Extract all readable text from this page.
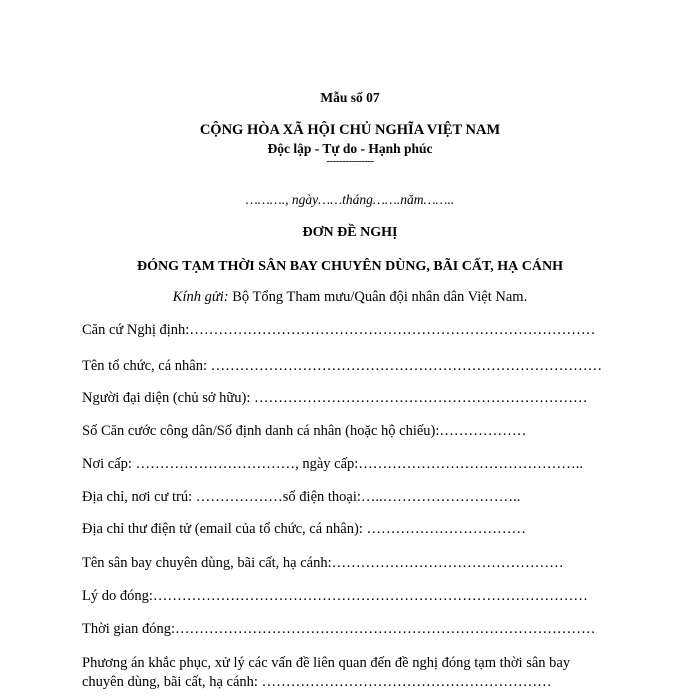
Mẫu số 07
CỘNG HÒA XÃ HỘI CHỦ NGHĨA VIỆT NAM
Độc lập - Tự do - Hạnh phúc
---------------
………., ngày……tháng…….năm……..
ĐƠN ĐỀ NGHỊ
ĐÓNG TẠM THỜI SÂN BAY CHUYÊN DÙNG, BÃI CẤT, HẠ CÁNH
Kính gửi: Bộ Tổng Tham mưu/Quân đội nhân dân Việt Nam.
Căn cứ Nghị định:…………………………………………………………………………
Tên tổ chức, cá nhân: ………………………………………………………………………
Người đại diện (chủ sở hữu): ……………………………………………………………
Số Căn cước công dân/Số định danh cá nhân (hoặc hộ chiếu):………………
Nơi cấp: ……………………………, ngày cấp:………………………………………..
Địa chỉ, nơi cư trú: ………………số điện thoại:…..………………………..
Địa chỉ thư điện tử (email của tổ chức, cá nhân): ……………………………
Tên sân bay chuyên dùng, bãi cất, hạ cánh:…………………………………………
Lý do đóng:………………………………………………………………………………
Thời gian đóng:……………………………………………………………………………
Phương án khắc phục, xử lý các vấn đề liên quan đến đề nghị đóng tạm thời sân bay
chuyên dùng, bãi cất, hạ cánh: ……………………………………………………
